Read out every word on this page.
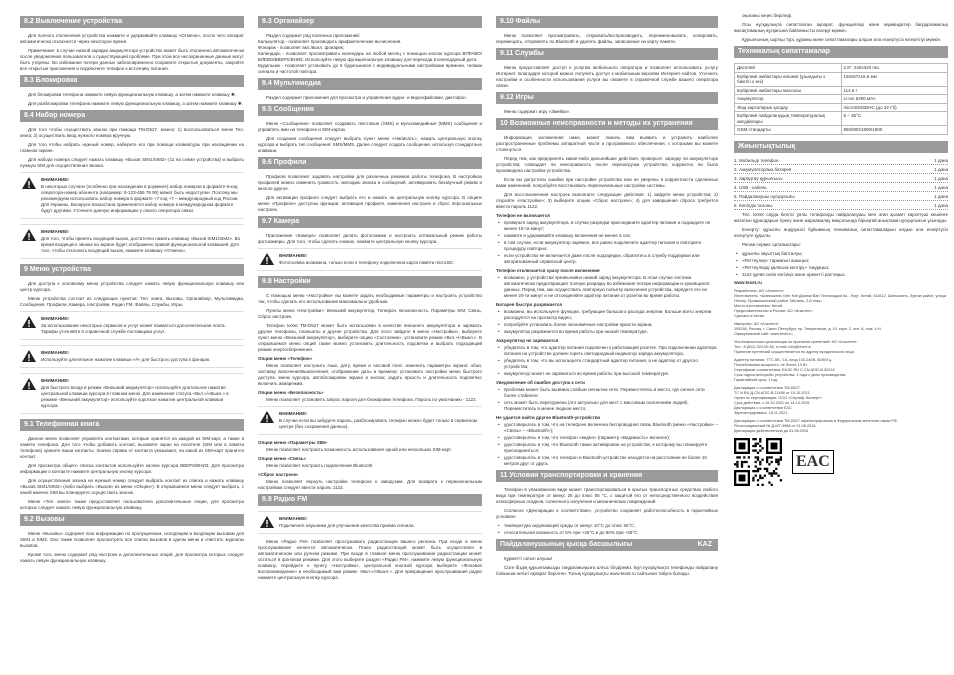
8.2 Выключение устройства
Для полного отключения устройства нажмите и удерживайте клавишу «Отмена», после чего аппарат автоматически отключится через некоторое время.
Примечание: в случае низкой зарядки аккумулятора устройство может быть отключено автоматически после уведомления пользователя о существующей проблеме. При этом все несохраненные данные могут быть утеряны. Во избежание потери данных заблаговременно сохраните открытые документы, закройте все открытые приложения и подключите телефон к источнику питания.
8.3 Блокировка
Для блокировки телефона нажмите левую функциональную клавишу, а затем нажмите клавишу ✱.
Для разблокировки телефона нажмите левую функциональную клавишу, а затем нажмите клавишу ✱.
8.4 Набор номера
Для того чтобы осуществить звонок при помощи TM-D527, можно: 1) воспользоваться меню Тел. книга; 2) осуществить ввод нужного номера вручную.
Для того чтобы набрать нужный номер, наберите его при помощи клавиатуры при нахождении на главном экране.
Для набора номера следует нажать клавишу «Вызов SIM1/SIM2» (11 на схеме устройства) и выбрать нужную SIM для осуществления звонка.
ВНИМАНИЕ!
В некоторых случаях (особенно при нахождении в роуминге) набор номеров в формате 8-код оператора-номер абонента (например: 8-123-456 78 90) может быть недоступен. Поэтому мы рекомендуем использовать набор номера в формате +7 код +7 – международный код России. Для Украины, Беларуси Казахстана применяется набор номера в международном формате будут другими. Уточните данную информацию у своего оператора связи.
ВНИМАНИЕ!
Для того, чтобы принять входящий вызов, достаточно нажать клавишу «Вызов SIM1/SIM2». Во время входящего звонка на экране будет отображено правой функциональной клавишей. Для того, чтобы отклонить входящий вызов, нажмите клавишу «Отмена».
9 Меню устройства
Для доступа к основному меню устройства следует нажать левую функциональную клавишу или центр курсора.
Меню устройства состоит из следующих пунктов: Тел. книга, Вызовы, Органайзер, Мультимедиа, Сообщения, Профили, Камера, Настройки, Радио FM, Файлы, Службы, Игры.
ВНИМАНИЕ!
За использование некоторых сервисов и услуг может взиматься дополнительная плата. Тарифы уточняйте в справочной службе поставщика услуг.
ВНИМАНИЕ!
Используйте длительное нажатие клавиши «#» для быстрого доступа к фонарю.
ВНИМАНИЕ!
Для быстрого входа в режим «Внешний аккумулятор» используйте длительное нажатие центральной клавиши курсора в главном меню. Для изменения статуса «Вкл.»/«Выкл.» в режиме «Внешний аккумулятор» используйте короткое нажатие центральной клавиши курсора.
9.1 Телефонная книга
Данное меню позволяет управлять контактами, которые хранятся на каждой из SIM-карт, а также в памяти телефона. Для того чтобы добавить контакт, вызовите экран на носителе (SIM или в памяти телефона) храните ваши контакты. Значки справа от контакта указывают, на какой из SIM-карт хранится контакт.
Для просмотра общего списка контактов используйте кнопки курсора ВВЕРХ/ВНИЗ. Для просмотра информации о контакте нажмите центральную кнопку курсора.
Для осуществления звонка на нужный номер следует выбрать контакт из списка и нажать клавишу «Вызов SIM1/SIM2» (либо выбрать «Вызов» из меню «Опции»). В открывшемся меню следует выбрать, с какой именно SIM вы планируете осуществить звонок.
Меню «Тел. книга» также предоставляет пользователю дополнительные опции, для просмотра которых следует нажать левую функциональную клавишу.
9.2 Вызовы
Меню «Вызовы» содержит всю информацию по пропущенным, исходящим и входящим вызовам для SIM1 и SIM2. Оно также позволяет просмотреть все списки вызовов в одном меню и очистить журналы вызовов.
Кроме того, меню содержит ряд настроек и дополнительных опций, для просмотра которых следует нажать левую функциональную клавишу.
9.3 Органайзер
Раздел содержит ряд полезных приложений:
Калькулятор - позволяет производить арифметические вычисления.
Фонарик - позволяет вкл./выкл. фонарик;
Календарь - позволяет просматривать календарь на любой месяц с помощью кнопок курсора ВПРАВО/ВЛЕВО/ВВЕРХ/ВНИЗ. Используйте левую функциональную клавишу для перехода в календарный дата.
Будильник - позволяет установить до 5 будильников с индивидуальными настройками времени, типами сигнала и частотой повтора.
9.4 Мультимедиа
Раздел содержит приложения для просмотра и управления аудио- и видеофайлами, диктофон.
9.5 Сообщения
Меню «Сообщения» позволяет создавать текстовые (SMS) и мультимедийные (MMS) сообщения и управлять ими на телефоне и SIM-картах.
Для создания сообщения следует выбрать пункт меню «Написать», нажать центральную кнопку курсора и выбрать тип сообщения: SMS/MMS. Далее следует создать сообщение, используя стандартные клавиши.
9.6 Профили
Профили позволяют задавать настройки для различных режимов работы телефона. В настройках профилей можно изменить громкость, мелодию звонка и сообщений, активировать беззвучный режим и многое другое.
Для активации профиля следует выбрать его и нажать на центральную кнопку курсора. В опциях меню «Профили» доступны функции: активация профиля, изменения настроек и сброс персональных настроек.
9.7 Камера
Приложение «Камера» позволяет делать фотоснимки и настроить оптимальный режим работы фотокамеры. Для того, чтобы сделать снимок, нажмите центральную кнопку курсора.
ВНИМАНИЕ!
Фотосъемка возможна, только если к телефону подключена карта памяти microSD.
9.8 Настройки
С помощью меню «Настройки» вы можете задать необходимые параметры и настроить устройство так, чтобы сделать его использование максимально удобным.
Пункты меню «Настройки»: Внешний аккумулятор, Телефон, Безопасность, Параметры SIM, Связь, Сброс настроек.
Телефон teXet TM-D527 может быть использован в качестве внешнего аккумулятора и заряжать другие телефоны, планшеты и другие устройства. Для этого зайдите в меню «Настройки», выберите пункт меню «Внешний аккумулятор», выберите опцию «Состояние», установите режим «Вкл.»/«Выкл.». В открывшемся меню опций также можно установить длительность подсветки и выбрать подходящий режим энергосбережения.
Опции меню «Телефон»
Меню позволяет настроить язык, дату, время и часовой пояс; изменить параметры экрана: обои, заставку включения/выключения, отображение даты и времени; установить настройки меню быстрого доступа, меню курсора, автоблокировки экрана и кнопок; задать яркость и длительность подсветки; включить авиарежим.
Опции меню «Безопасность»
Меню позволяет установить запрос пароля для блокировки телефона. Пароль по умолчанию - 1122.
ВНИМАНИЕ!
В случае если вы забудете пароль, разблокировать телефон можно будет только в сервисном центре (без сохранения данных).
Опции меню «Параметры SIM»
Меню позволяет настроить возможность использования одной или нескольких SIM-карт.
Опции меню «Связь»
Меню позволяет настроить подключение Bluetooth.
«Сброс настроек»
Меню позволяет вернуть настройки телефона к заводским. Для возврата к первоначальным настройкам следует ввести пароль 1122.
9.9 Радио FM
ВНИМАНИЕ!
Подключите наушники для улучшения качества приема сигнала.
Меню «Радио FM» позволяет прослушивать радиостанции вашего региона. При входе в меню прослушивание начнется автоматически. Поиск радиостанций может быть осуществлен в автоматическом или ручном режиме. При входе в главное меню прослушивание радиостанции может остаться в фоновом режиме. Для этого выберите раздел «Радио FM», нажмите левую функциональную клавишу, перейдите к пункту «Настройки», центральной кнопкой курсора выберите «Фоновое воспроизведение» и необходимый вам режим: «Вкл.»/«Выкл.». Для прекращения прослушивания радио нажмите центральную кнопку курсора.
9.10 Файлы
Меню позволяет просматривать, открывать/воспроизводить, переименовывать, копировать, перемещать, отправлять по Bluetooth и удалять файлы, записанные на карту памяти.
9.11 Службы
Меню предоставляет доступ к услугам мобильного оператора и позволяет использовать услугу Интернет. Благодаря которой можно получить доступ к мобильным версиям Интернет-сайтов. Уточнить настройки и особенности использования услуги вы сможете в справочной службе вашего оператора связи.
9.12 Игры
Меню содержит игру «Змейка».
10 Возможные неисправности и методы их устранения
Информация, изложенная ниже, может помочь вам выявить и устранить наиболее распространенные проблемы аппаратной части и программного обеспечения, с которыми вы можете столкнуться.
Перед тем, как предпринять какие-либо дальнейшие действия, проверьте: зарядку ли аккумулятора устройства; совпадает ли неисправность после перезагрузки устройства; корректно ли была произведена настройка устройства.
Если вы допустили ошибки при настройке устройства или не уверены в корректности сделанных вами изменений, попробуйте восстановить первоначальные настройки системы.
Для восстановления настроек выполните следующие действия: 1) зайдите меню устройства; 2) откройте «Настройки»; 3) выберите опцию «Сброс настроек»; 4) для завершения сброса требуется ввести пароль 1122.
Телефон не включается
• проверьте заряд аккумулятора, в случае разрядки присоедините адаптер питания и подождите не менее 10-ти минут;
• нажмите и удерживайте клавишу включения не менее 5 сек;
• в том случае, если аккумулятор заряжен, все равно подключите адаптер питания и повторите процедуру повторно;
• если устройство не включается даже после подзарядки, обратитесь в службу поддержки или авторизованный сервисный центр.
Телефон отключается сразу после включения
• возможно, у устройства чрезвычайно низкий заряд аккумулятора. В этом случае система автоматически предотвращает полную разрядку во избежание потери информации и хранящихся данных. Перед тем, как осуществить повторную попытку включения устройства, зарядите его не менее 20-ти минут и не отсоединяйте адаптер питания от розетки во время работы.
Батарея быстро разряжается
• возможно, вы используете функции, требующие большого расхода энергии. Больше всего энергии расходуется на просмотр видео;
• попробуйте установить более экономичные настройки яркости экрана;
• аккумулятор разряжается во время работы при низкой температуре.
Аккумулятор не заряжается
• убедитесь в том, что адаптер питания подключен к работающей розетке. При подключении адаптера питания на устройстве должен гореть светодиодный индикатор заряда аккумулятора;
• убедитесь в том, что вы используете стандартный адаптер питания, а не адаптер от другого устройства;
• аккумулятор может не заряжаться во время работы при высокой температуре.
Уведомление об ошибке доступа к сети
• проблема может быть вызвана слабым сигналом сети. Переместитесь в место, где сигнал сети более стабилен;
• сеть может быть перегружена (это актуально для мест с массовым скоплением людей). Переместитесь в менее людное место;
Не удается найти другое Bluetooth-устройство
• удостоверьтесь в том, что на телефоне включена беспроводная связь Bluetooth (меню «Настройки» – «Связь» – «Bluetooth»);
• удостоверьтесь в том, что телефон «виден» (параметр «Видимость» включен);
• удостоверьтесь в том, что Bluetooth также активирован на устройстве, к которому вы планируете присоединиться;
• удостоверьтесь в том, что телефон и Bluetooth-устройство находятся на расстоянии не более 10 метров друг от друга.
11 Условия транспортировки и хранения
Телефон в упакованном виде может транспортироваться в крытых транспортных средствах любого вида при температуре от минус 25 до плюс 55 °С, с защитой его от непосредственного воздействия атмосферных осадков, солнечного излучения и механических повреждений.
Согласно «Декларации о соответствии», устройство сохраняет работоспособность в гарантийных условиях:
• температура окружающей среды от минус 10°С до плюс 55°С;
• относительная влажность от 5% при +25°С и до 80% при +25°С.
Пайдаланушының қысқа басшылығы	KAZ
Құрметті сатып алушы!
Сізге біздің құрылғымызды таңдағаныңызға алғыс білдіреміз. Бұл нұсқаулықта телефонды пайдалану бойынша негізгі ақпарат берілген. Толық нұсқаулықты www.texet.ru сайтынан табуға болады.
оқығаны кеңес беріледі.
Осы нұсқаулықта сипатталған ақпарат, функциялар және мүмкіндіктер бағдарламалық жасақтаманың нұсқасына байланысты өзгеруі мүмкін.
Құрылғының сыртқы түрі, құрамы және сипаттамалары алдын ала ескертусіз өзгертілуі мүмкін.
Техникалық сипаттамалар
Дисплей	2.8", 240x320 пкс.
Бүйірлемі әмбаптары өлшемі (ұзындығы х биіктігі х ені)	150х57х16,6 мм
Бүйірлемі әмбаптары массасы	114,5 г
Аккумулятор	Li-ion 5200 мАч
Жад карталарын қолдау	microSD/SDHC (до 32 Гб)
Бүйірлемі пайдаланудың температуралық жағдайлары	5 – 35°С
GSM стандарты	850/900/1800/1900
Жиынтықтылық
1. Мобильді телефон	1 дана
2. Аккумуляторлық батарея	1 дана
3. Зарядтау құрылғысы	1 дана
4. USB - кабель	1 дана
5. Пайдаланушы нұсқаулығы	1 дана
6. Кепілдік талоны	1 дана
Тел. teXet сауда белгісі ұялы телефонды пайдаланушы мен оған қызмет көрсетуші кешенге жататын құралдарын тіркеу және жарнамалау мақсатында бірыңғай анықтама нұсқаулығын ұсынады.
Ескерту: құрылғы өндірушісі бұйымның техникалық сипаттамаларын алдын ала ескертусіз өзгертуге құқылы.
Ресми сервис орталықтары:
• құрылғы зауыттық бапталуы;
• «Реттеулер» тармағын ашыңыз;
• «Реттеулерді қалпына келтіру» таңдаңыз;
• 1122 құпия сөзін енгізіңіз және әрекетті растаңыз.
www.texet.ru
Разработано: АО «Алкотел»
Изготовитель: «Шэньчжэнь Хэнг Кэн Дианзи Ван Технолоджи Ко., Лтд», Китай, 518112, Шэньчжэнь, Лунган район, улица Нэнгоу, Промышленный район Тайлинь, 2-й этаж.
Место изготовления: Китай.
Представительство в России: АО «Алкотел».
Сделано в Китае.
Импортёр: АО «Алкотел»
195248, Россия, г. Санкт-Петербург, пр. Энергетиков, д. 19, корп. 2, лит. А, пом. 4-Н.
Официальный сайт: www.texet.ru
Уполномоченная организация по принятию претензий: АО «Алкотел».
Тел.: 8 (812) 320-00-60; e-mail: info@texet.ru
Принятие претензий осуществляется по адресу юридического лица.
Адаптер питания: ТТС-5В / 1А, вход 100-240В, 50/60Гц.
Потребляемая мощность: не более 10 Вт.
Сертификат соответствия: ЕАЭС RU С-CN.АГ82.В.00218
Срок годности/службы устройства: 2 года с даты производства.
Гарантийный срок: 1 год.
Декларация о соответствии ТМ-D527
ТС N RU Д-CN.АГ82.В.21456 от 15.10.2021
Орган по сертификации: ООО «Сертиф-Эксперт»
Срок действия: с 15.10.2021 по 14.10.2026.
Декларация о соответствии EAC.
Зарегистрировано: 18.11.2021.
Декларация о соответствии ТМ-D527 зарегистрирована в Федеральном агентстве связи РФ.
Регистрационный № Д-МТ-9988 от 31.08.2016.
Декларация действительна до 31.08.2026
EAC
